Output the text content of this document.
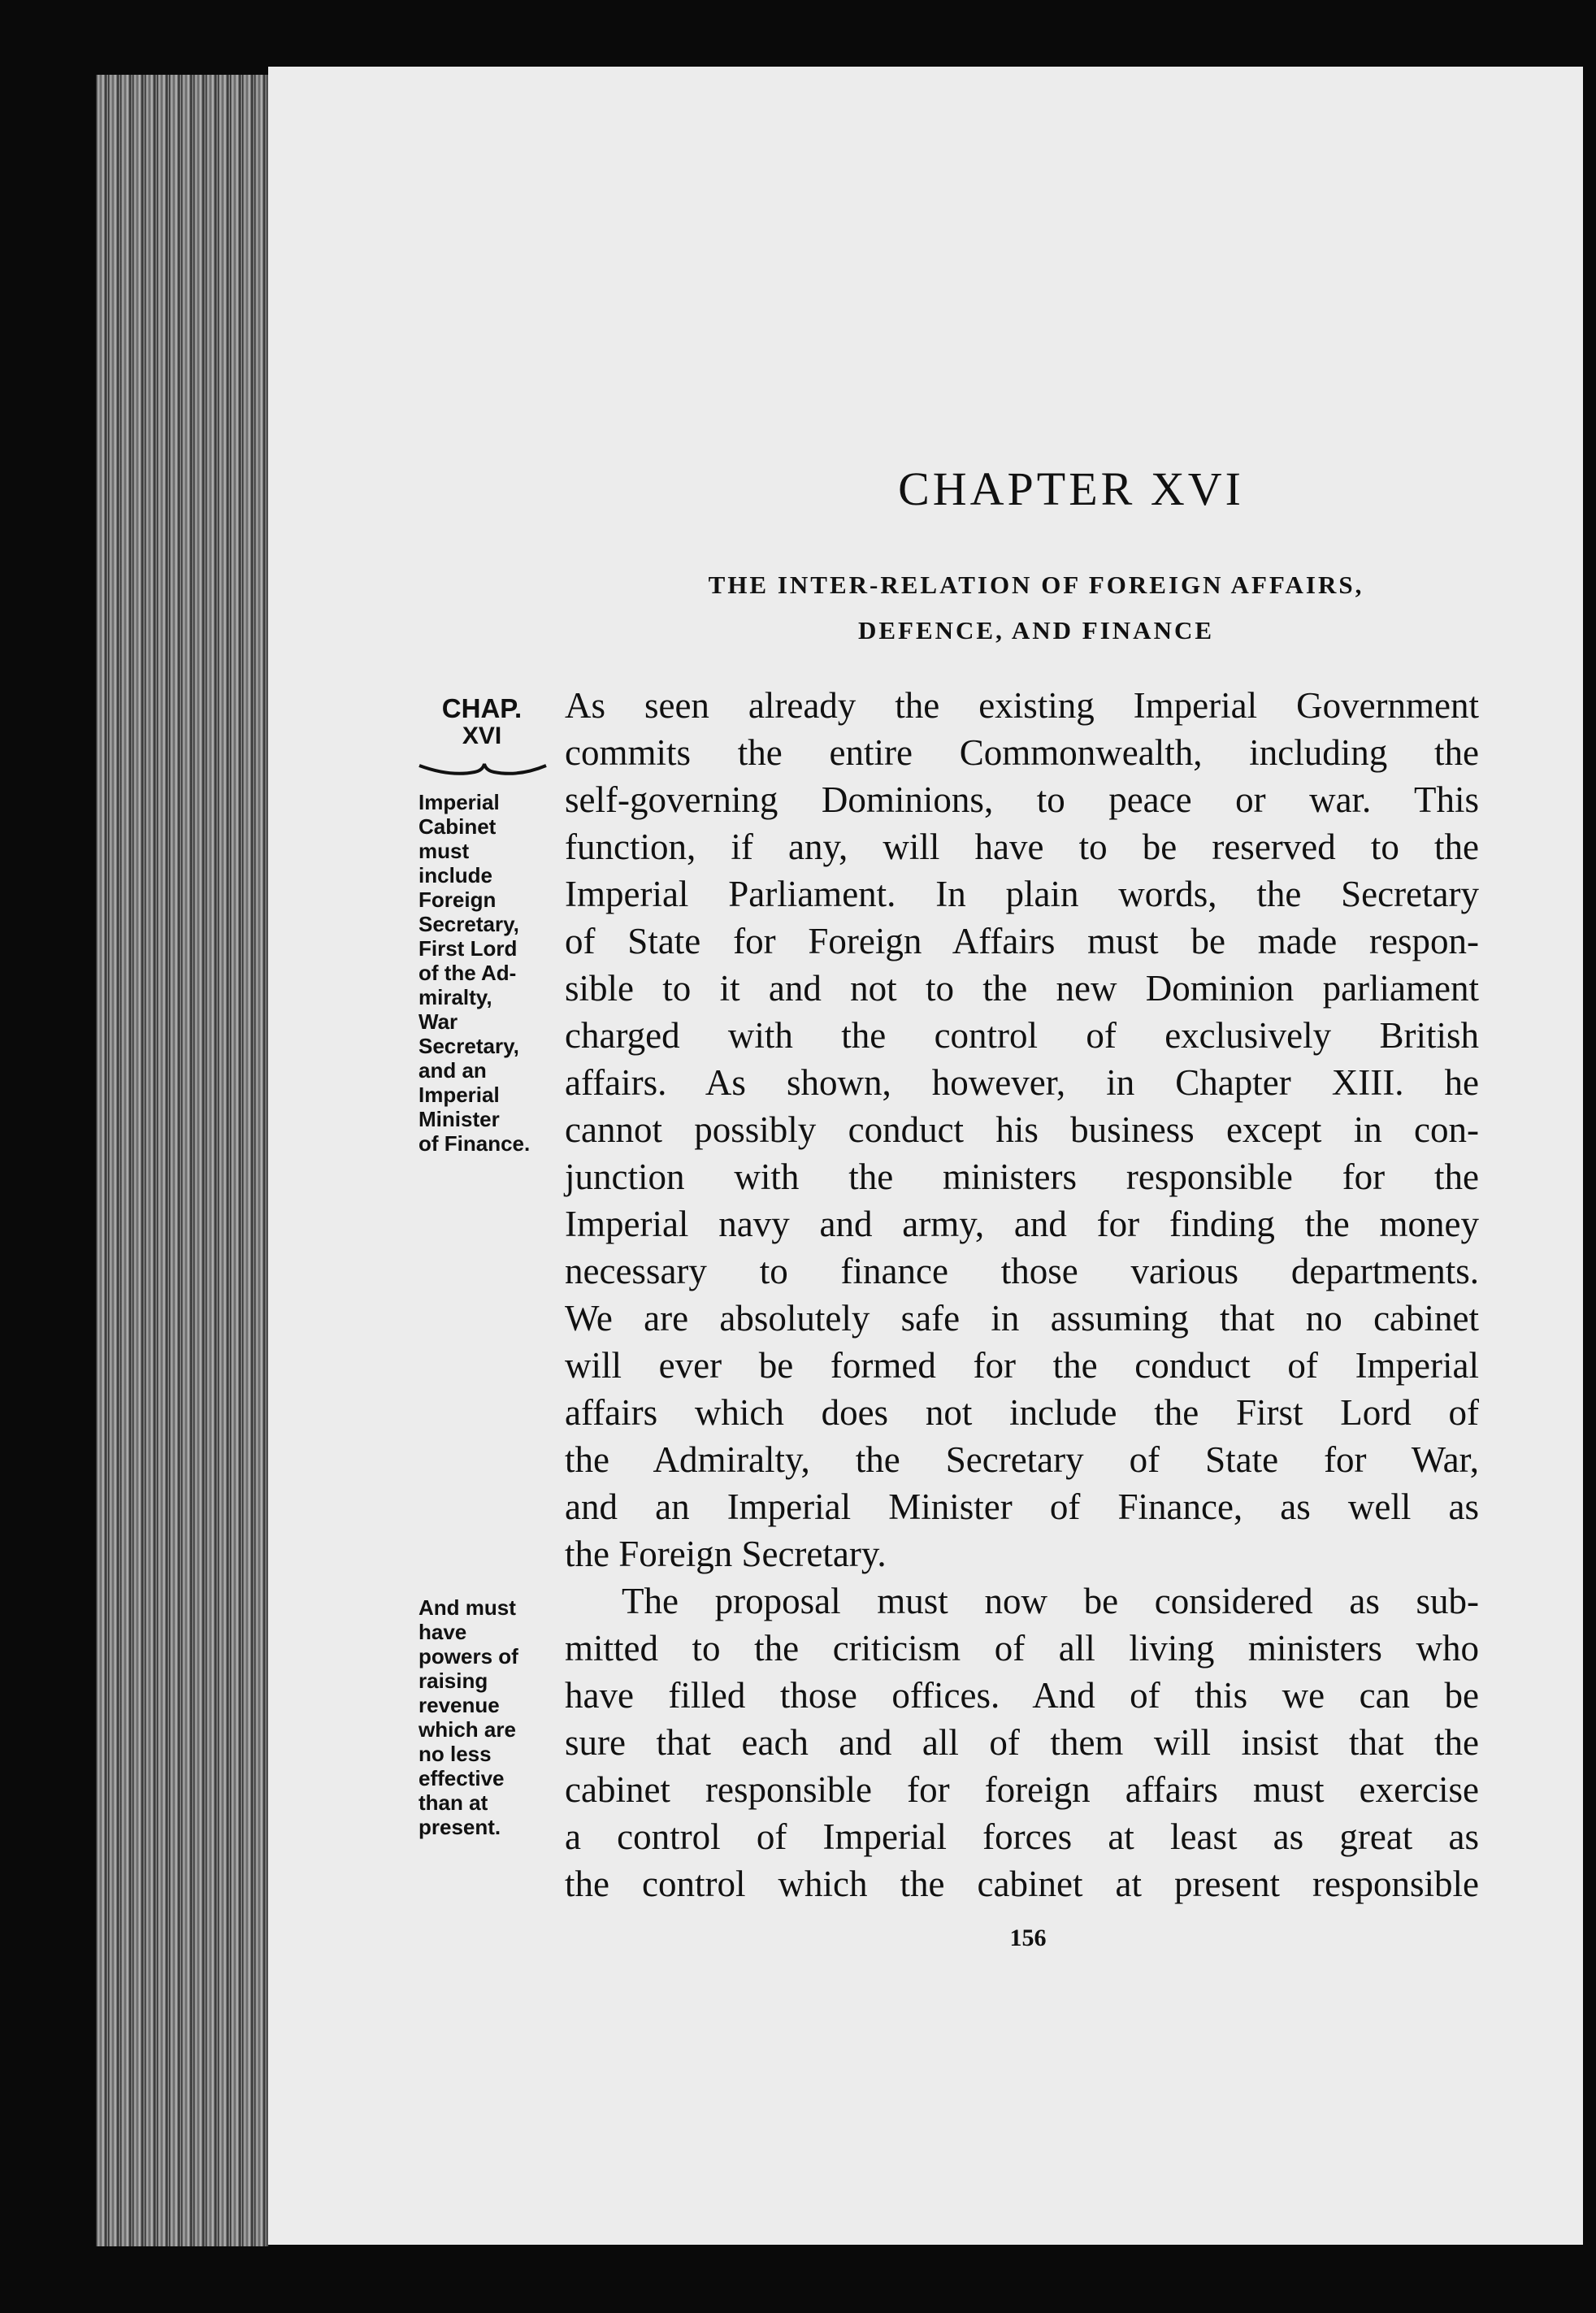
CHAPTER XVI
THE INTER-RELATION OF FOREIGN AFFAIRS,
DEFENCE, AND FINANCE
CHAP.
XVI
Imperial
Cabinet
must
include
Foreign
Secretary,
First Lord
of the Ad-
miralty,
War
Secretary,
and an
Imperial
Minister
of Finance.
And must
have
powers of
raising
revenue
which are
no less
effective
than at
present.
As seen already the existing Imperial Government
commits the entire Commonwealth, including the
self-governing Dominions, to peace or war. This
function, if any, will have to be reserved to the
Imperial Parliament. In plain words, the Secretary
of State for Foreign Affairs must be made respon-
sible to it and not to the new Dominion parliament
charged with the control of exclusively British
affairs. As shown, however, in Chapter XIII. he
cannot possibly conduct his business except in con-
junction with the ministers responsible for the
Imperial navy and army, and for finding the money
necessary to finance those various departments.
We are absolutely safe in assuming that no cabinet
will ever be formed for the conduct of Imperial
affairs which does not include the First Lord of
the Admiralty, the Secretary of State for War,
and an Imperial Minister of Finance, as well as
the Foreign Secretary.
The proposal must now be considered as sub-
mitted to the criticism of all living ministers who
have filled those offices. And of this we can be
sure that each and all of them will insist that the
cabinet responsible for foreign affairs must exercise
a control of Imperial forces at least as great as
the control which the cabinet at present responsible
156
